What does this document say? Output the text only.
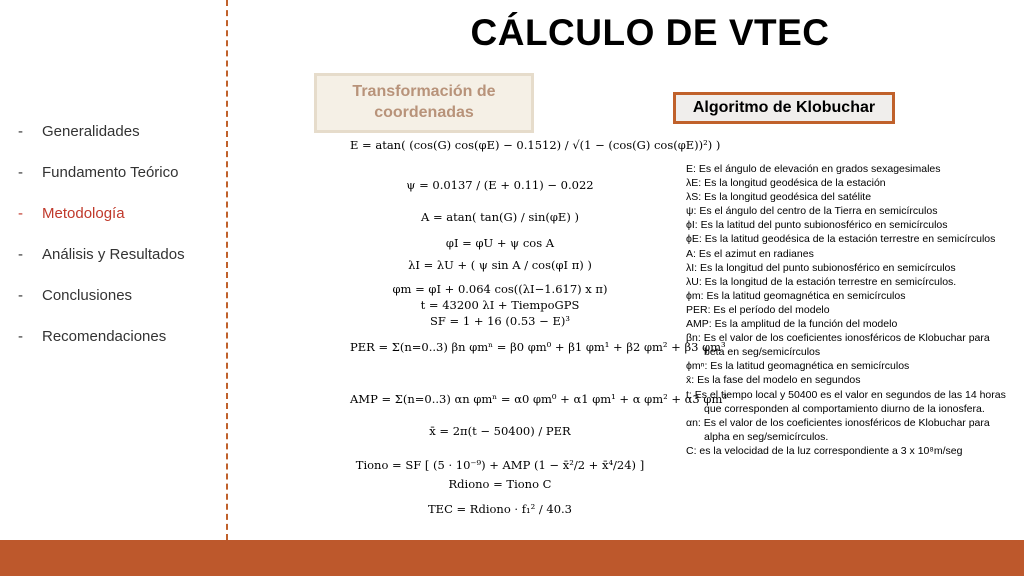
CÁLCULO DE VTEC
-	Generalidades
-	Fundamento Teórico
-	Metodología
-	Análisis y Resultados
-	Conclusiones
-	Recomendaciones
Transformación de coordenadas	Algoritmo de Klobuchar
E = atan( (cos(G) cos(φE) − 0.1512) / √(1 − (cos(G) cos(φE))²) )
ψ = 0.0137 / (E + 0.11) − 0.022
A = atan( tan(G) / sin(φE) )
φI = φU + ψ cos A
λI = λU + ( ψ sin A / cos(φI π) )
φm = φI + 0.064 cos((λI−1.617) x π)
t = 43200 λI + TiempoGPS
SF = 1 + 16 (0.53 − E)³
PER = Σ(n=0..3) βn φmⁿ = β0 φm⁰ + β1 φm¹ + β2 φm² + β3 φm³
AMP = Σ(n=0..3) αn φmⁿ = α0 φm⁰ + α1 φm¹ + α φm² + α3 φm³
x̄ = 2π(t − 50400) / PER
Tiono = SF [ (5 · 10⁻⁹) + AMP (1 − x̄²/2 + x̄⁴/24) ]
Rdiono = Tiono C
TEC = Rdiono · f₁² / 40.3

E: Es el ángulo de elevación en grados sexagesimales

λE: Es la longitud geodésica de la estación

λS: Es la longitud geodésica del satélite

ψ: Es el ángulo del centro de la Tierra en semicírculos

ϕI: Es la latitud del punto subionosférico en semicírculos

ϕE: Es la latitud geodésica de la estación terrestre en semicírculos

A: Es el azimut en radianes

λI: Es la longitud del punto subionosférico en semicírculos

λU: Es la longitud de la estación terrestre en semicírculos.

ϕm: Es la latitud geomagnética en semicírculos

PER: Es el período del modelo

AMP: Es la amplitud de la función del modelo

βn: Es el valor de los coeficientes ionosféricos de Klobuchar para

beta en seg/semicírculos

ϕmⁿ: Es la latitud geomagnética en semicírculos

x̄: Es la fase del modelo en segundos

t: Es el tiempo local y 50400 es el valor en segundos de las 14 horas

que corresponden al comportamiento diurno de la ionosfera.

αn: Es el valor de los coeficientes ionosféricos de Klobuchar para

alpha en seg/semicírculos.

C: es la velocidad de la luz correspondiente a 3 x 10⁸m/seg
